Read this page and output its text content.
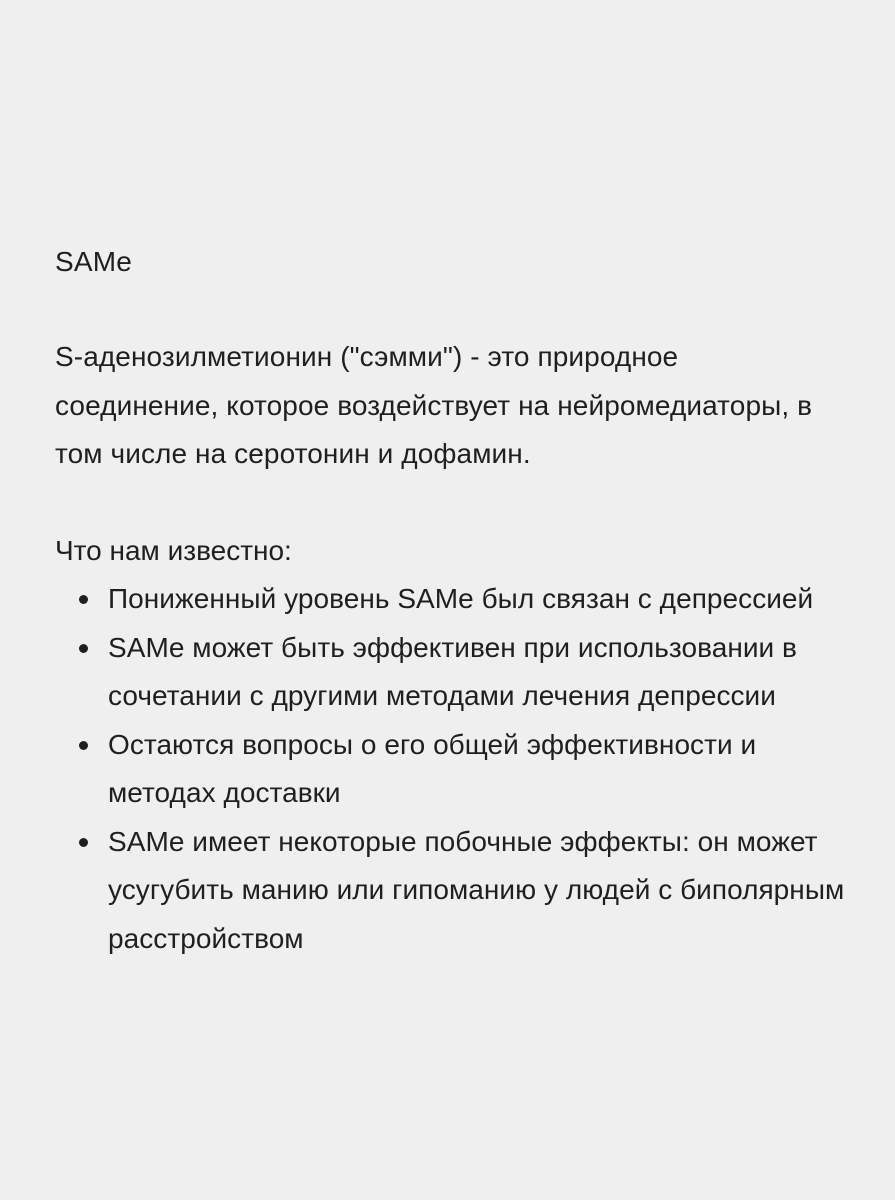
SAMe
S-аденозилметионин ("сэмми") - это природное соединение, которое воздействует на нейромедиаторы, в том числе на серотонин и дофамин.
Что нам известно:
Пониженный уровень SAMe был связан с депрессией
SAMe может быть эффективен при использовании в сочетании с другими методами лечения депрессии
Остаются вопросы о его общей эффективности и методах доставки
SAMe имеет некоторые побочные эффекты: он может усугубить манию или гипоманию у людей с биполярным расстройством
